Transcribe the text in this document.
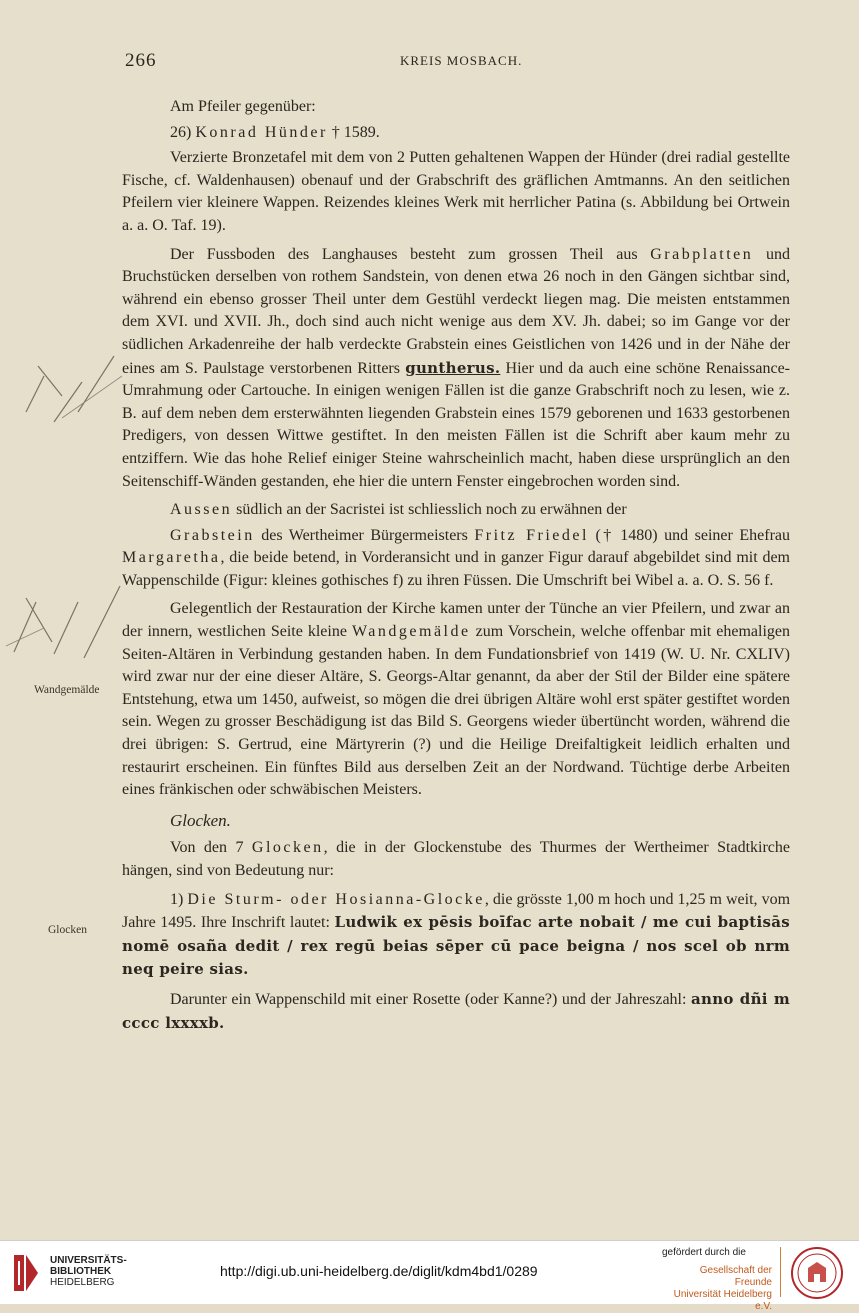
266	KREIS MOSBACH.
Wandgemälde
Glocken

Am Pfeiler gegenüber:

26) Konrad Hünder † 1589.

Verzierte Bronzetafel mit dem von 2 Putten gehaltenen Wappen der Hünder (drei radial gestellte Fische, cf. Waldenhausen) obenauf und der Grabschrift des gräflichen Amtmanns. An den seitlichen Pfeilern vier kleinere Wappen. Reizendes kleines Werk mit herrlicher Patina (s. Abbildung bei Ortwein a. a. O. Taf. 19).

Der Fussboden des Langhauses besteht zum grossen Theil aus Grabplatten und Bruchstücken derselben von rothem Sandstein, von denen etwa 26 noch in den Gängen sichtbar sind, während ein ebenso grosser Theil unter dem Gestühl verdeckt liegen mag. Die meisten entstammen dem XVI. und XVII. Jh., doch sind auch nicht wenige aus dem XV. Jh. dabei; so im Gange vor der südlichen Arkadenreihe der halb verdeckte Grabstein eines Geistlichen von 1426 und in der Nähe der eines am S. Paulstage verstorbenen Ritters guntherus. Hier und da auch eine schöne Renaissance-Umrahmung oder Cartouche. In einigen wenigen Fällen ist die ganze Grabschrift noch zu lesen, wie z. B. auf dem neben dem ersterwähnten liegenden Grabstein eines 1579 geborenen und 1633 gestorbenen Predigers, von dessen Wittwe gestiftet. In den meisten Fällen ist die Schrift aber kaum mehr zu entziffern. Wie das hohe Relief einiger Steine wahrscheinlich macht, haben diese ursprünglich an den Seitenschiff-Wänden gestanden, ehe hier die untern Fenster eingebrochen worden sind.

Aussen südlich an der Sacristei ist schliesslich noch zu erwähnen der

Grabstein des Wertheimer Bürgermeisters Fritz Friedel († 1480) und seiner Ehefrau Margaretha, die beide betend, in Vorderansicht und in ganzer Figur darauf abgebildet sind mit dem Wappenschilde (Figur: kleines gothisches f) zu ihren Füssen. Die Umschrift bei Wibel a. a. O. S. 56 f.

Gelegentlich der Restauration der Kirche kamen unter der Tünche an vier Pfeilern, und zwar an der innern, westlichen Seite kleine Wandgemälde zum Vorschein, welche offenbar mit ehemaligen Seiten-Altären in Verbindung gestanden haben. In dem Fundationsbrief von 1419 (W. U. Nr. CXLIV) wird zwar nur der eine dieser Altäre, S. Georgs-Altar genannt, da aber der Stil der Bilder eine spätere Entstehung, etwa um 1450, aufweist, so mögen die drei übrigen Altäre wohl erst später gestiftet worden sein. Wegen zu grosser Beschädigung ist das Bild S. Georgens wieder übertüncht worden, während die drei übrigen: S. Gertrud, eine Märtyrerin (?) und die Heilige Dreifaltigkeit leidlich erhalten und restaurirt erscheinen. Ein fünftes Bild aus derselben Zeit an der Nordwand. Tüchtige derbe Arbeiten eines fränkischen oder schwäbischen Meisters.

Glocken.

Von den 7 Glocken, die in der Glockenstube des Thurmes der Wertheimer Stadtkirche hängen, sind von Bedeutung nur:

1) Die Sturm- oder Hosianna-Glocke, die grösste 1,00 m hoch und 1,25 m weit, vom Jahre 1495. Ihre Inschrift lautet: Ludwik ex pēsis boīfac arte nobait / me cui baptisās nomē osaña dedit / rex regū beias sēper cū pace beigna / nos scel ob nrm neq peire sias.

Darunter ein Wappenschild mit einer Rosette (oder Kanne?) und der Jahreszahl: anno dñi m cccc lxxxxb.

UNIVERSITÄTS-
BIBLIOTHEK
HEIDELBERG
http://digi.ub.uni-heidelberg.de/diglit/kdm4bd1/0289
gefördert durch die
Gesellschaft der Freunde
Universität Heidelberg e.V.
